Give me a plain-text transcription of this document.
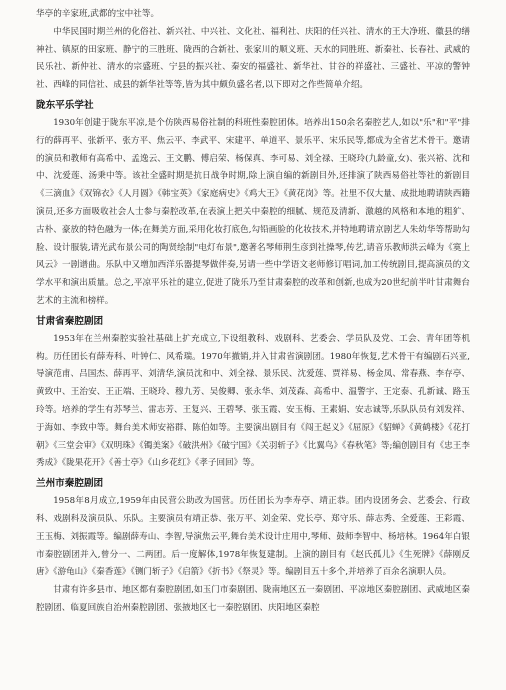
华亭的辛家班,武都的宝中社等。

中华民国时期兰州的化俗社、新兴社、中兴社、文化社、福利社、庆阳的任兴社、清水的王大净班、徽县的缮神社、镇原的田家班、静宁的三胜班、陇西的合新社、张家川的顺义班、天水的同胜班、新秦社、长春社、武威的民乐社、新仲社、清水的宗盛班、宁县的振兴社、秦安的福盛社、新华社、甘谷的祥盛社、三盛社、平凉的警钟社、西峰的同信社、成县的新华社等等,皆为其中颇负盛名者,以下即对之作些简单介绍。

陇东平乐学社

1930年创建于陇东平凉,是个仿陕西易俗社制的科班性秦腔团体。培养出150余名秦腔艺人,如以"乐"和"平"排行的薛再平、张新平、张方平、焦云平、李武平、宋建平、单道平、景乐平、宋乐民等,都成为全省艺术骨干。邀请的演员和教师有高希中、孟逸云、王文鹏、傅启荣、杨保真、李可易、刘全禄、王晓玲(九龄童,女)、张兴裕、沈和中、沈爱莲、汤秉中等。该社全盛时期是抗日战争时期,除上演自编的新剧目外,还排演了陕西易俗社等社的新剧目《三滴血》《双锦衣》《人月圆》《韩宝英》《家庭病史》《鸡大王》《黄花岗》等。社里不仅大量、成批地聘请陕西籍演员,还多方面吸收社会人士参与秦腔改革,在表演上把关中秦腔的细腻、规范及清新、激越的风格和本地的粗犷、古朴、豪放的特色融为一体;在舞美方面,采用化妆打底色,勾铅画脸的化妆技术,并特地聘请京剧艺人朱幼华等帮助勾脸、设计服装,请光武布景公司的陶贤绘制"电灯布景",邀著名琴师荆生彦到社操琴,传艺,请音乐教师洪云峰为《寞上风云》一剧谱曲。乐队中又增加西洋乐器提琴做伴奏,另请一些中学语文老师修订唱词,加工传统剧目,提高演员的文学水平和演出质量。总之,平凉平乐社的建立,促进了陇乐乃至甘肃秦腔的改革和创新,也成为20世纪前半叶甘肃舞台艺术的主流和榜样。

甘肃省秦腔剧团

1953年在兰州秦腔实验社基础上扩充成立,下设组教科、戏剧科、艺委会、学员队及党、工会、青年团等机构。历任团长有薛寿科、叶钟仁、风希瑞。1970年撤销,并入甘肃省演剧团。1980年恢复,艺术骨干有编剧石兴亚,导演范甫、吕国杰、薛再平、刘清华,演员沈和中、刘全禄、景乐民、沈爱莲、贾祥易、杨金凤、常春燕、李存亭、黄致中、王治安、王正端、王晓玲、穆九芳、吴俊卿、张永华、刘茂森、高希中、温警宇、王定泰、孔新诚、路玉玲等。培养的学生有苏琴兰、雷志芳、王复兴、王碧琴、张玉霞、安玉梅、王素娟、安志诚等,乐队队员有刘发祥、于海如、李致中等。舞台美术师安裕群、陈伯如等。主要演出剧目有《闯王起义》《屈原》《貂蝉》《黄鹤楼》《花打朝》《三堂会审》《双明珠》《镯美案》《破洪州》《破宁国》《关羽斩子》《比翼鸟》《春秋笔》等;编创剧目有《忠王李秀成》《陇果花开》《善士亭》《山乡花红》《孝子回回》等。

兰州市秦腔剧团

1958年8月成立,1959年由民营公助改为国营。历任团长为李寿亭、靖正恭。团内设团务会、艺委会、行政科、戏剧科及演员队、乐队。主要演员有靖正恭、张万平、刘金荣、党长亭、郑守乐、薛志秀、全爱莲、王彩霞、王玉梅、刘振霞等。编剧薛寿山、李智,导演焦云平,舞台美术设计庄用中,琴师、鼓师李智中、杨培林。1964年白银市秦腔剧团并入,曾分一、二两团。后一度解体,1978年恢复建制。上演的剧目有《赵氏孤儿》《生死牌》《薛刚反唐》《游龟山》《秦香莲》《铡门斩子》《启箭》《折书》《祭灵》等。编剧目五十多个,并培养了百余名演职人员。

甘肃有许多县市、地区都有秦腔剧团,如玉门市秦剧团、陇南地区五一秦剧团、平凉地区秦腔剧团、武威地区秦腔剧团、临夏回族自治州秦腔剧团、张掖地区七一秦腔剧团、庆阳地区秦腔
